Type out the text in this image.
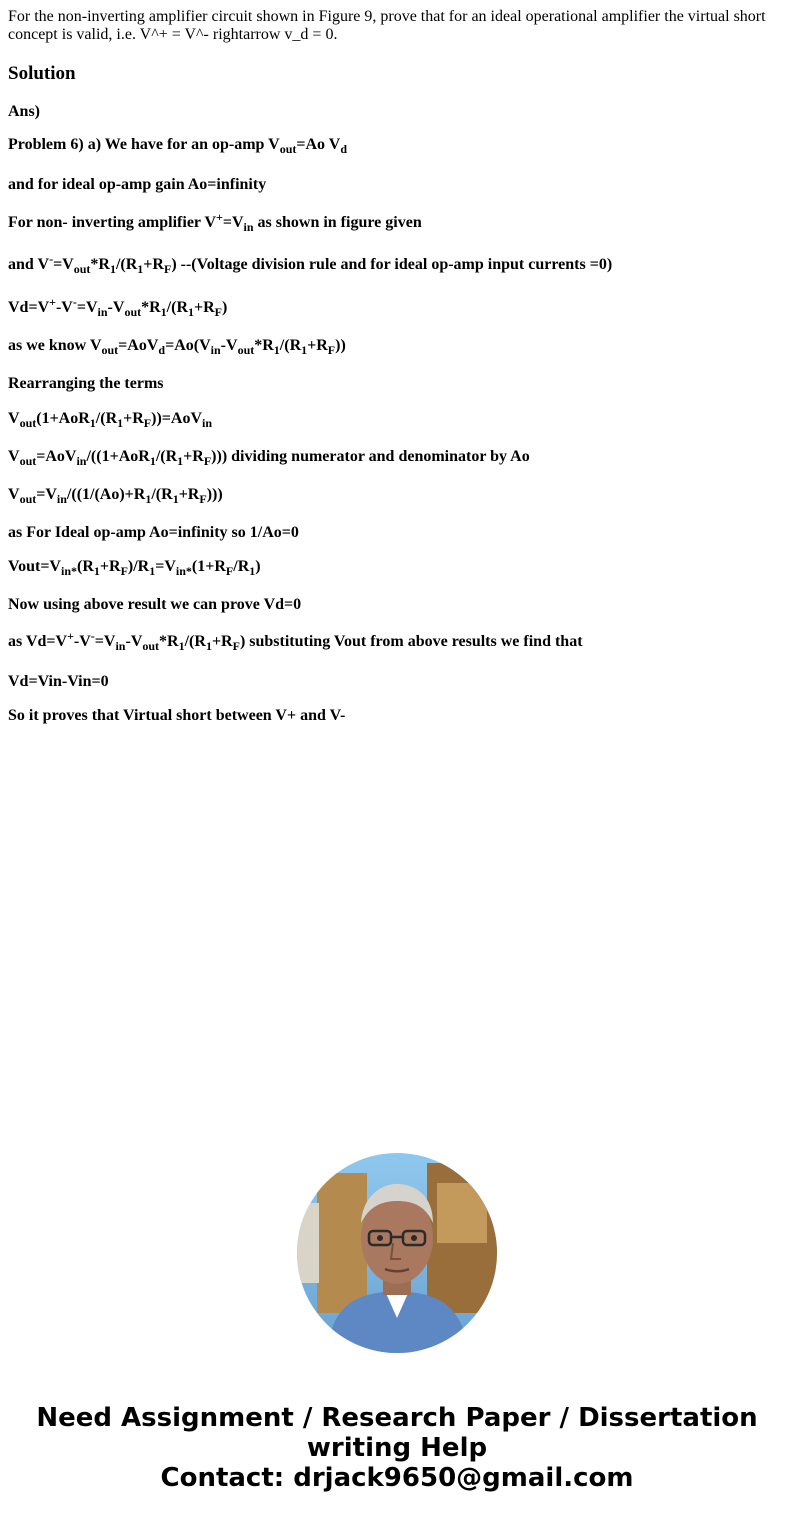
For the non-inverting amplifier circuit shown in Figure 9, prove that for an ideal operational amplifier the virtual short concept is valid, i.e. V^+ = V^- rightarrow v_d = 0.

Solution
Ans)
Problem 6) a) We have for an op-amp $V_{out}=Ao$ $V_d$
and for ideal op-amp gain Ao=infinity
For non- inverting amplifier $V^+=V_{in}$ as shown in figure given
and $V^-=V_{out}*R_1/(R_1+R_F)$ --(Voltage division rule and for ideal op-amp input currents =0)
$Vd=V^+-V^-=V_{in}-V_{out}*R_1/(R_1+R_F)$
as we know $V_{out}=AoV_d=Ao(V_{in}-V_{out}*R_1/(R_1+R_F))$
Rearranging the terms
$V_{out}(1+AoR_1/(R_1+R_F))=AoV_{in}$
$V_{out}=AoV_{in}/((1+AoR_1/(R_1+R_F)))$ dividing numerator and denominator by Ao
$V_{out}=V_{in}/((1/(Ao)+R_1/(R_1+R_F)))$
as For Ideal op-amp Ao=infinity so 1/Ao=0
$Vout=V_{in*}(R_1+R_F)/R_1=V_{in*}(1+R_F/R_1)$
Now using above result we can prove Vd=0
as $Vd=V^+-V^-=V_{in}-V_{out}*R_1/(R_1+R_F)$ substituting Vout from above results we find that
Vd=Vin-Vin=0
So it proves that Virtual short between V+ and V-
Need Assignment / Research Paper / Dissertation
writing Help
Contact: drjack9650@gmail.com
